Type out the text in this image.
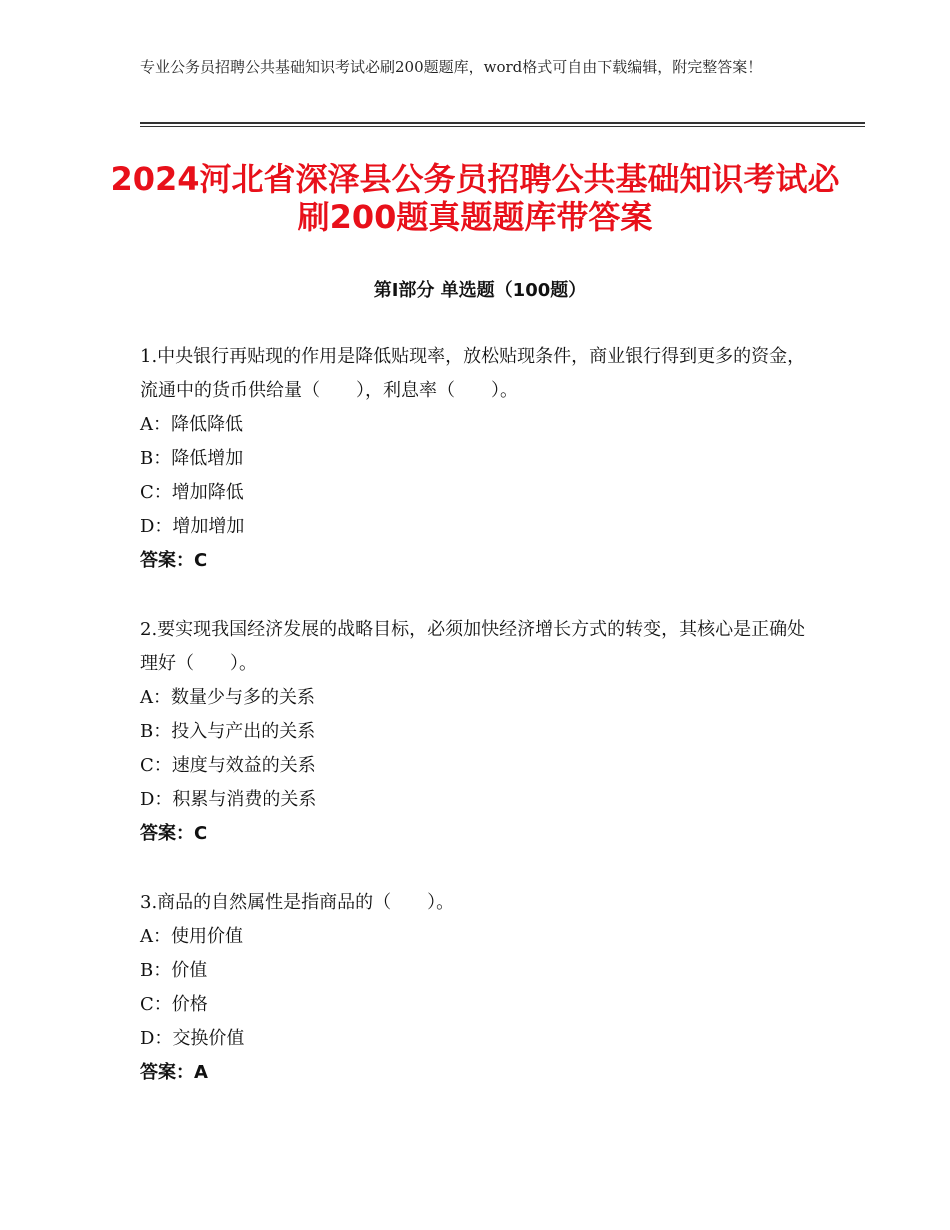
专业公务员招聘公共基础知识考试必刷200题题库，word格式可自由下载编辑，附完整答案！
2024河北省深泽县公务员招聘公共基础知识考试必刷200题真题题库带答案
第I部分 单选题（100题）

1.中央银行再贴现的作用是降低贴现率，放松贴现条件，商业银行得到更多的资金，流通中的货币供给量（　　），利息率（　　）。

A：降低降低

B：降低增加

C：增加降低

D：增加增加

答案：C

2.要实现我国经济发展的战略目标，必须加快经济增长方式的转变，其核心是正确处理好（　　）。

A：数量少与多的关系

B：投入与产出的关系

C：速度与效益的关系

D：积累与消费的关系

答案：C

3.商品的自然属性是指商品的（　　）。

A：使用价值

B：价值

C：价格

D：交换价值

答案：A
